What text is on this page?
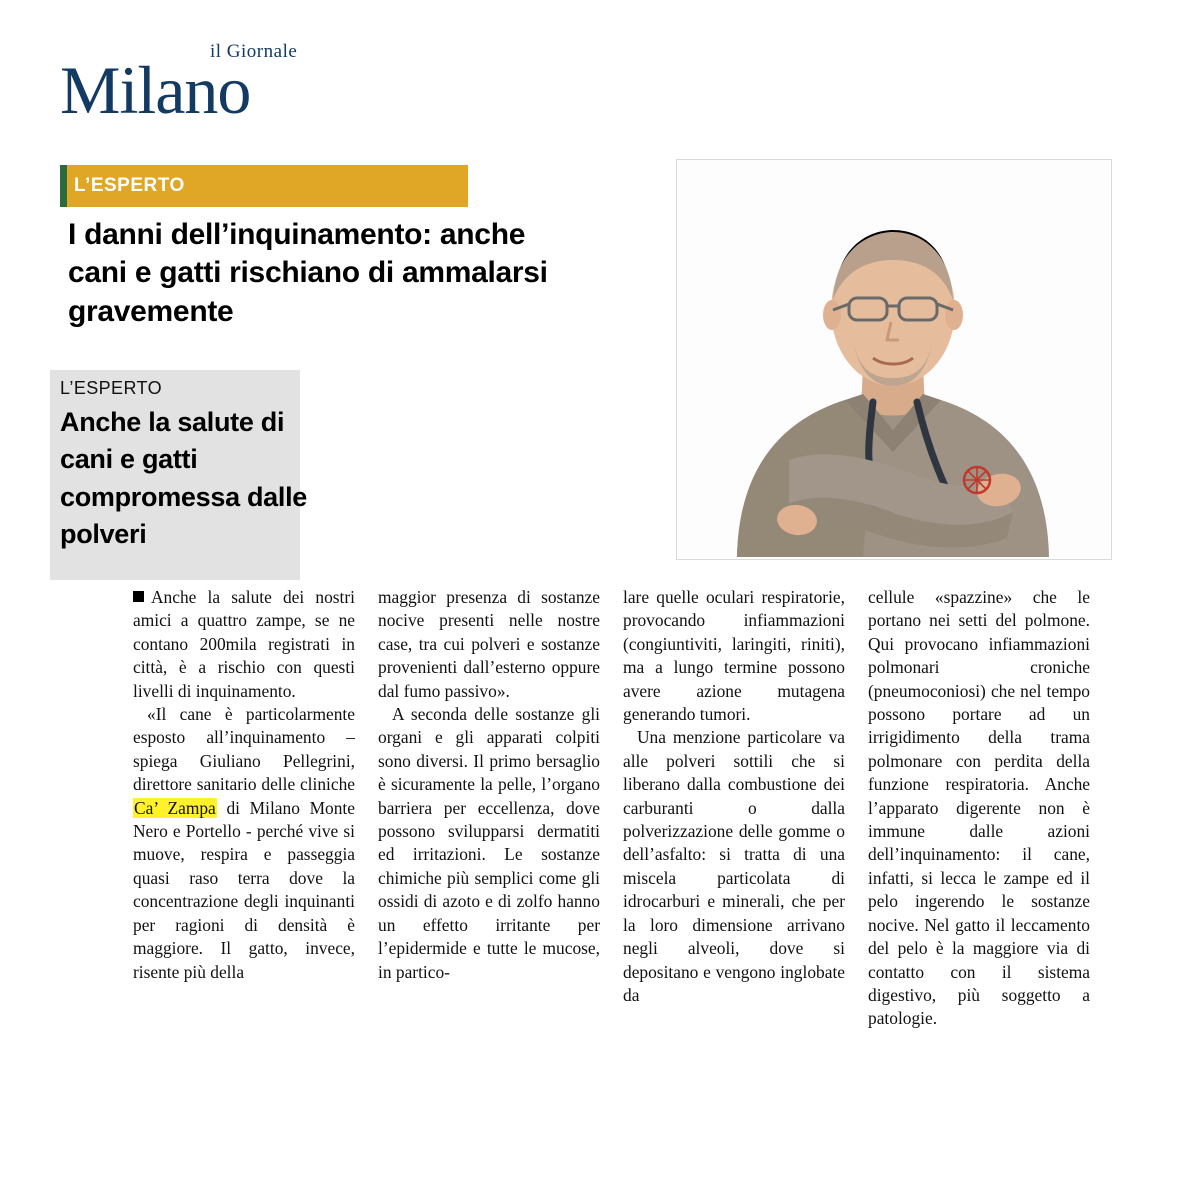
il Giornale
Milano
L’ESPERTO
I danni dell’inquinamento: anche cani e gatti rischiano di ammalarsi gravemente
L’ESPERTO
Anche la salute di cani e gatti compromessa dalle polveri

Anche la salute dei nostri amici a quattro zampe, se ne contano 200mila registrati in città, è a rischio con questi livelli di inquinamento.

«Il cane è particolarmente esposto all’inquinamento – spiega Giuliano Pellegrini, direttore sanitario delle cliniche Ca’ Zampa di Milano Monte Nero e Portello - perché vive si muove, respira e passeggia quasi raso terra dove la concentrazione degli inquinanti per ragioni di densità è maggiore. Il gatto, invece, risente più della

maggior presenza di sostanze nocive presenti nelle nostre case, tra cui polveri e sostanze provenienti dall’esterno oppure dal fumo passivo».

A seconda delle sostanze gli organi e gli apparati colpiti sono diversi. Il primo bersaglio è sicuramente la pelle, l’organo barriera per eccellenza, dove possono svilupparsi dermatiti ed irritazioni. Le sostanze chimiche più semplici come gli ossidi di azoto e di zolfo hanno un effetto irritante per l’epidermide e tutte le mucose, in partico-

lare quelle oculari respiratorie, provocando infiammazioni (congiuntiviti, laringiti, riniti), ma a lungo termine possono avere azione mutagena generando tumori.

Una menzione particolare va alle polveri sottili che si liberano dalla combustione dei carburanti o dalla polverizzazione delle gomme o dell’asfalto: si tratta di una miscela particolata di idrocarburi e minerali, che per la loro dimensione arrivano negli alveoli, dove si depositano e vengono inglobate da

cellule «spazzine» che le portano nei setti del polmone. Qui provocano infiammazioni polmonari croniche (pneumoconiosi) che nel tempo possono portare ad un irrigidimento della trama polmonare con perdita della funzione respiratoria. Anche l’apparato digerente non è immune dalle azioni dell’inquinamento: il cane, infatti, si lecca le zampe ed il pelo ingerendo le sostanze nocive. Nel gatto il leccamento del pelo è la maggiore via di contatto con il sistema digestivo, più soggetto a patologie.
